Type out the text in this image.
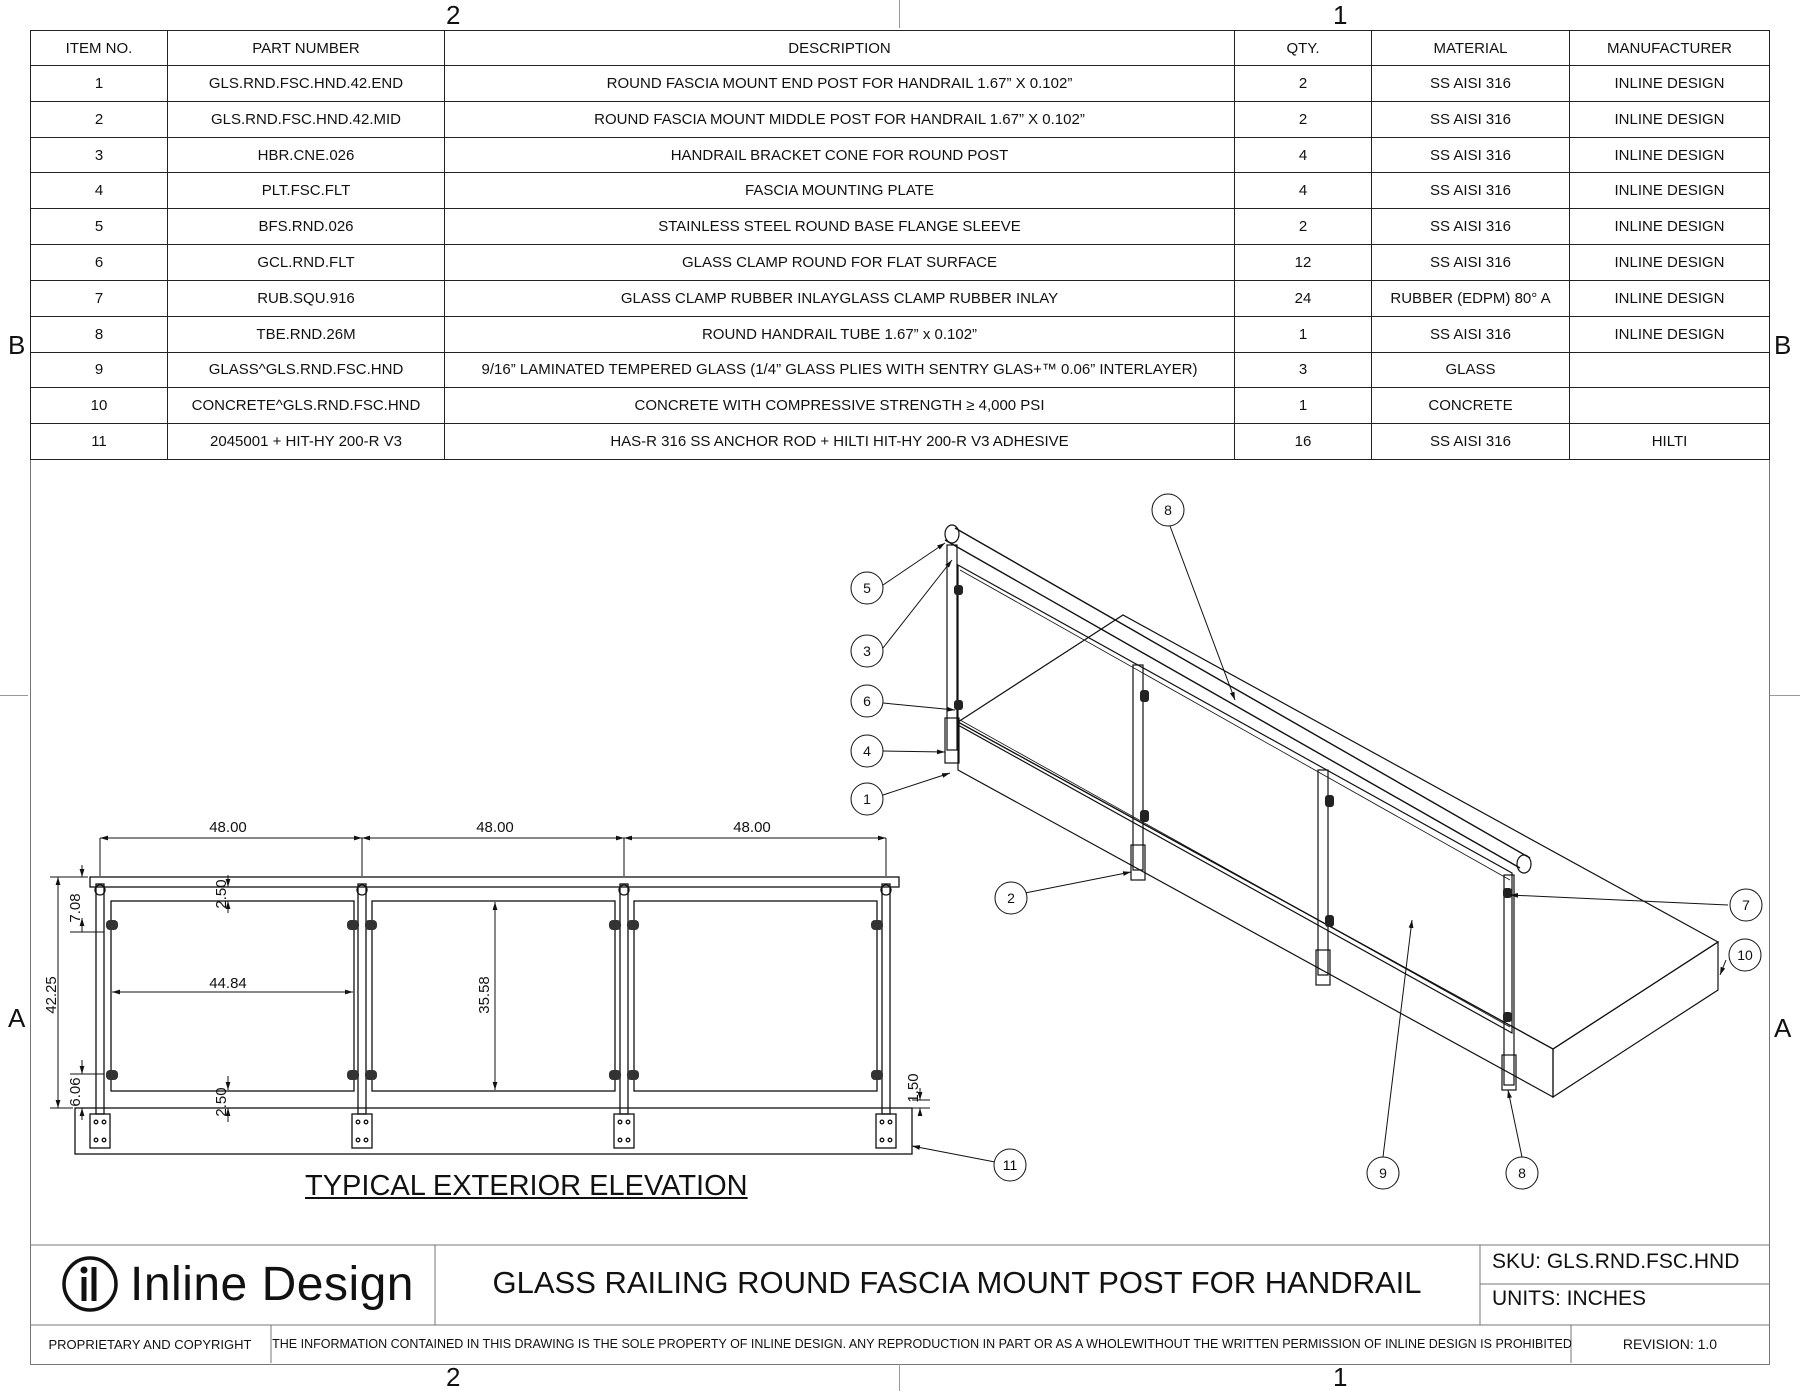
2	1
2	1
B
A
B
A
ITEM NO.	PART NUMBER	DESCRIPTION	QTY.	MATERIAL	MANUFACTURER
1	GLS.RND.FSC.HND.42.END	ROUND FASCIA MOUNT END POST FOR HANDRAIL 1.67” X 0.102”	2	SS AISI 316	INLINE DESIGN
2	GLS.RND.FSC.HND.42.MID	ROUND FASCIA MOUNT MIDDLE POST FOR HANDRAIL 1.67” X 0.102”	2	SS AISI 316	INLINE DESIGN
3	HBR.CNE.026	HANDRAIL BRACKET CONE FOR ROUND POST	4	SS AISI 316	INLINE DESIGN
4	PLT.FSC.FLT	FASCIA MOUNTING PLATE	4	SS AISI 316	INLINE DESIGN
5	BFS.RND.026	STAINLESS STEEL ROUND BASE FLANGE SLEEVE	2	SS AISI 316	INLINE DESIGN
6	GCL.RND.FLT	GLASS CLAMP ROUND FOR FLAT SURFACE	12	SS AISI 316	INLINE DESIGN
7	RUB.SQU.916	GLASS CLAMP RUBBER INLAYGLASS CLAMP RUBBER INLAY	24	RUBBER (EDPM) 80° A	INLINE DESIGN
8	TBE.RND.26M	ROUND HANDRAIL TUBE 1.67” x 0.102”	1	SS AISI 316	INLINE DESIGN
9	GLASS^GLS.RND.FSC.HND	9/16” LAMINATED TEMPERED GLASS (1/4” GLASS PLIES WITH SENTRY GLAS+™ 0.06” INTERLAYER)	3	GLASS	
10	CONCRETE^GLS.RND.FSC.HND	CONCRETE WITH COMPRESSIVE STRENGTH ≥ 4,000 PSI	1	CONCRETE	
11	2045001 + HIT-HY 200-R V3	HAS-R 316 SS ANCHOR ROD + HILTI HIT-HY 200-R V3 ADHESIVE	16	SS AISI 316	HILTI
48.00	48.00	48.00
44.84
42.25
7.08
6.06
35.58
2.50
2.50	1.50
11
5
3
6
4
1
2
8
7
10
9	8
TYPICAL EXTERIOR ELEVATION
Inline Design	GLASS RAILING ROUND FASCIA MOUNT POST FOR HANDRAIL
SKU: GLS.RND.FSC.HND
UNITS: INCHES
PROPRIETARY AND COPYRIGHT	THE INFORMATION CONTAINED IN THIS DRAWING IS THE SOLE PROPERTY OF INLINE DESIGN. ANY REPRODUCTION IN PART OR AS A WHOLEWITHOUT THE WRITTEN PERMISSION OF INLINE DESIGN IS PROHIBITED	REVISION: 1.0
